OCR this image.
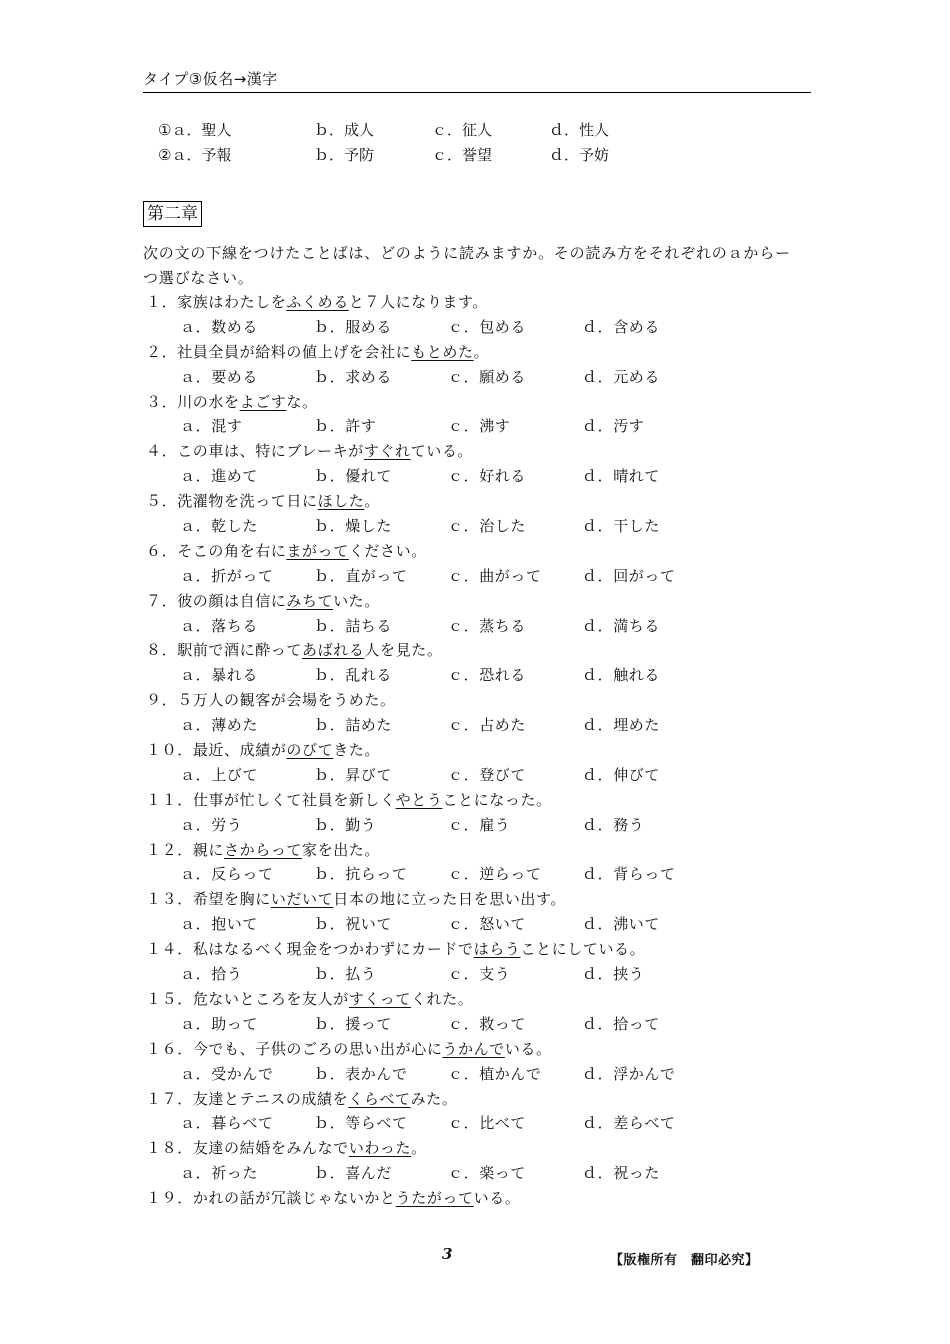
タイプ③仮名→漢字
①ａ．聖人	ｂ．成人	ｃ．征人	ｄ．性人
②ａ．予報	ｂ．予防	ｃ．誉望	ｄ．予妨
第二章
次の文の下線をつけたことばは、どのように読みますか。その読み方をそれぞれのａからーつ選びなさい。
１．家族はわたしをふくめると７人になります。
ａ．数める	ｂ．服める	ｃ．包める	ｄ．含める
２．社員全員が給料の値上げを会社にもとめた。
ａ．要める	ｂ．求める	ｃ．願める	ｄ．元める
３．川の水をよごすな。
ａ．混す	ｂ．許す	ｃ．沸す	ｄ．汚す
４．この車は、特にブレーキがすぐれている。
ａ．進めて	ｂ．優れて	ｃ．好れる	ｄ．晴れて
５．洗濯物を洗って日にほした。
ａ．乾した	ｂ．燥した	ｃ．治した	ｄ．干した
６．そこの角を右にまがってください。
ａ．折がって	ｂ．直がって	ｃ．曲がって	ｄ．回がって
７．彼の顔は自信にみちていた。
ａ．落ちる	ｂ．詰ちる	ｃ．蒸ちる	ｄ．満ちる
８．駅前で酒に酔ってあばれる人を見た。
ａ．暴れる	ｂ．乱れる	ｃ．恐れる	ｄ．触れる
９．５万人の観客が会場をうめた。
ａ．薄めた	ｂ．詰めた	ｃ．占めた	ｄ．埋めた
１０．最近、成績がのびてきた。
ａ．上びて	ｂ．昇びて	ｃ．登びて	ｄ．伸びて
１１．仕事が忙しくて社員を新しくやとうことになった。
ａ．労う	ｂ．勤う	ｃ．雇う	ｄ．務う
１２．親にさからって家を出た。
ａ．反らって	ｂ．抗らって	ｃ．逆らって	ｄ．背らって
１３．希望を胸にいだいて日本の地に立った日を思い出す。
ａ．抱いて	ｂ．祝いて	ｃ．怒いて	ｄ．沸いて
１４．私はなるべく現金をつかわずにカードではらうことにしている。
ａ．拾う	ｂ．払う	ｃ．支う	ｄ．挟う
１５．危ないところを友人がすくってくれた。
ａ．助って	ｂ．援って	ｃ．救って	ｄ．拾って
１６．今でも、子供のごろの思い出が心にうかんでいる。
ａ．受かんで	ｂ．表かんで	ｃ．植かんで	ｄ．浮かんで
１７．友達とテニスの成績をくらべてみた。
ａ．暮らべて	ｂ．等らべて	ｃ．比べて	ｄ．差らべて
１８．友達の結婚をみんなでいわった。
ａ．祈った	ｂ．喜んだ	ｃ．楽って	ｄ．祝った
１９．かれの話が冗談じゃないかとうたがっている。
3	【版権所有　翻印必究】
